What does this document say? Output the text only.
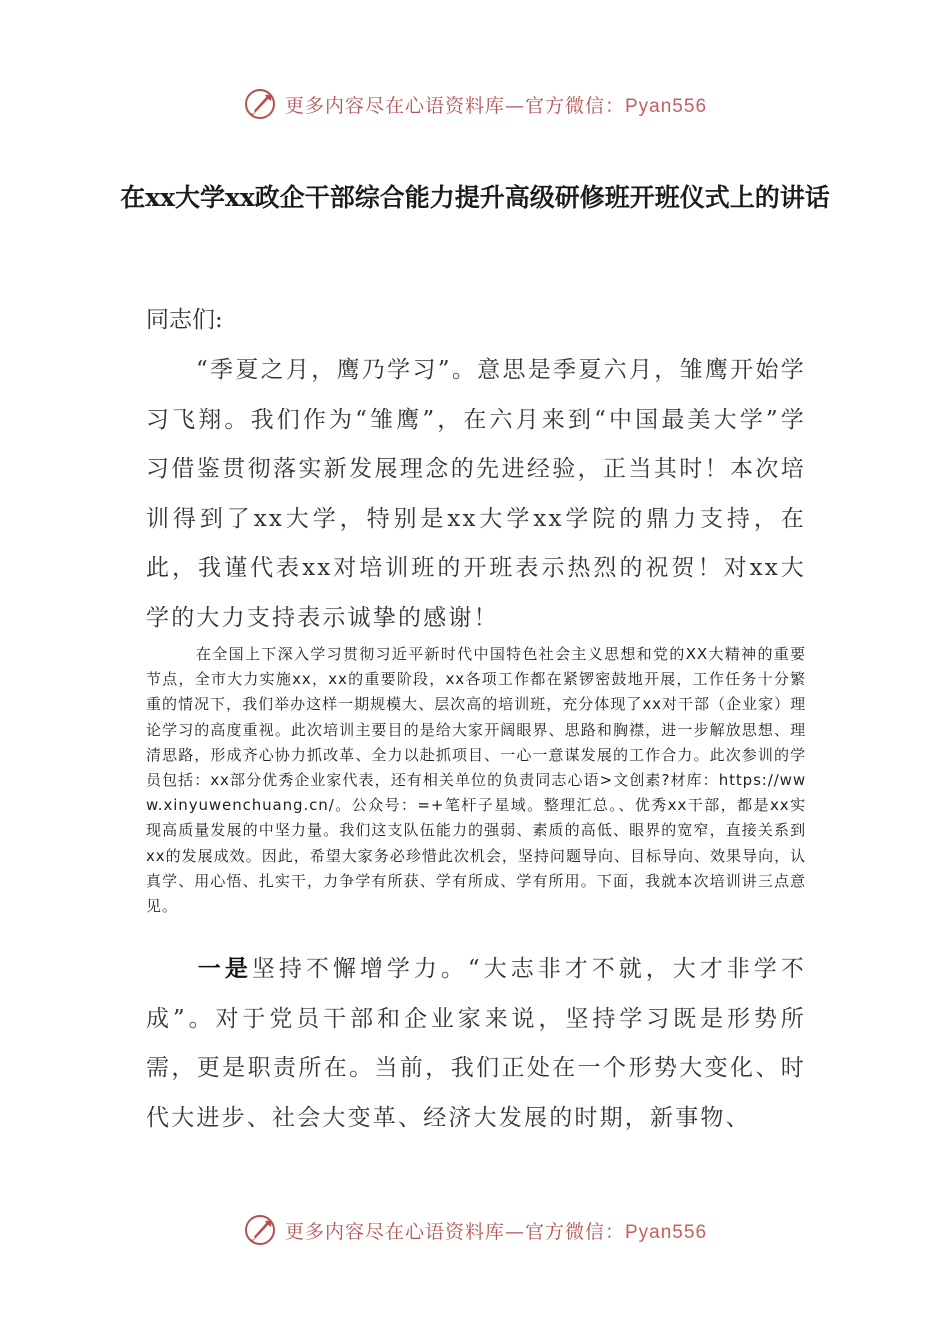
更多内容尽在心语资料库—官方微信：Pyan556
在xx大学xx政企干部综合能力提升高级研修班开班仪式上的讲话

同志们:

“季夏之月，鹰乃学习”。意思是季夏六月，雏鹰开始学习飞翔。我们作为“雏鹰”，在六月来到“中国最美大学”学习借鉴贯彻落实新发展理念的先进经验，正当其时！本次培训得到了xx大学，特别是xx大学xx学院的鼎力支持，在此，我谨代表xx对培训班的开班表示热烈的祝贺！对xx大学的大力支持表示诚挚的感谢！

在全国上下深入学习贯彻习近平新时代中国特色社会主义思想和党的XX大精神的重要节点，全市大力实施xx，xx的重要阶段，xx各项工作都在紧锣密鼓地开展，工作任务十分繁重的情况下，我们举办这样一期规模大、层次高的培训班，充分体现了xx对干部（企业家）理论学习的高度重视。此次培训主要目的是给大家开阔眼界、思路和胸襟，进一步解放思想、理清思路，形成齐心协力抓改革、全力以赴抓项目、一心一意谋发展的工作合力。此次参训的学员包括：xx部分优秀企业家代表，还有相关单位的负责同志心语>文创素?材库：https://www.xinyuwenchuang.cn/。公众号：=+笔杆子星域。整理汇总。、优秀xx干部，都是xx实现高质量发展的中坚力量。我们这支队伍能力的强弱、素质的高低、眼界的宽窄，直接关系到xx的发展成效。因此，希望大家务必珍惜此次机会，坚持问题导向、目标导向、效果导向，认真学、用心悟、扎实干，力争学有所获、学有所成、学有所用。下面，我就本次培训讲三点意见。

一是坚持不懈增学力。“大志非才不就，大才非学不成”。对于党员干部和企业家来说，坚持学习既是形势所需，更是职责所在。当前，我们正处在一个形势大变化、时代大进步、社会大变革、经济大发展的时期，新事物、

更多内容尽在心语资料库—官方微信：Pyan556
